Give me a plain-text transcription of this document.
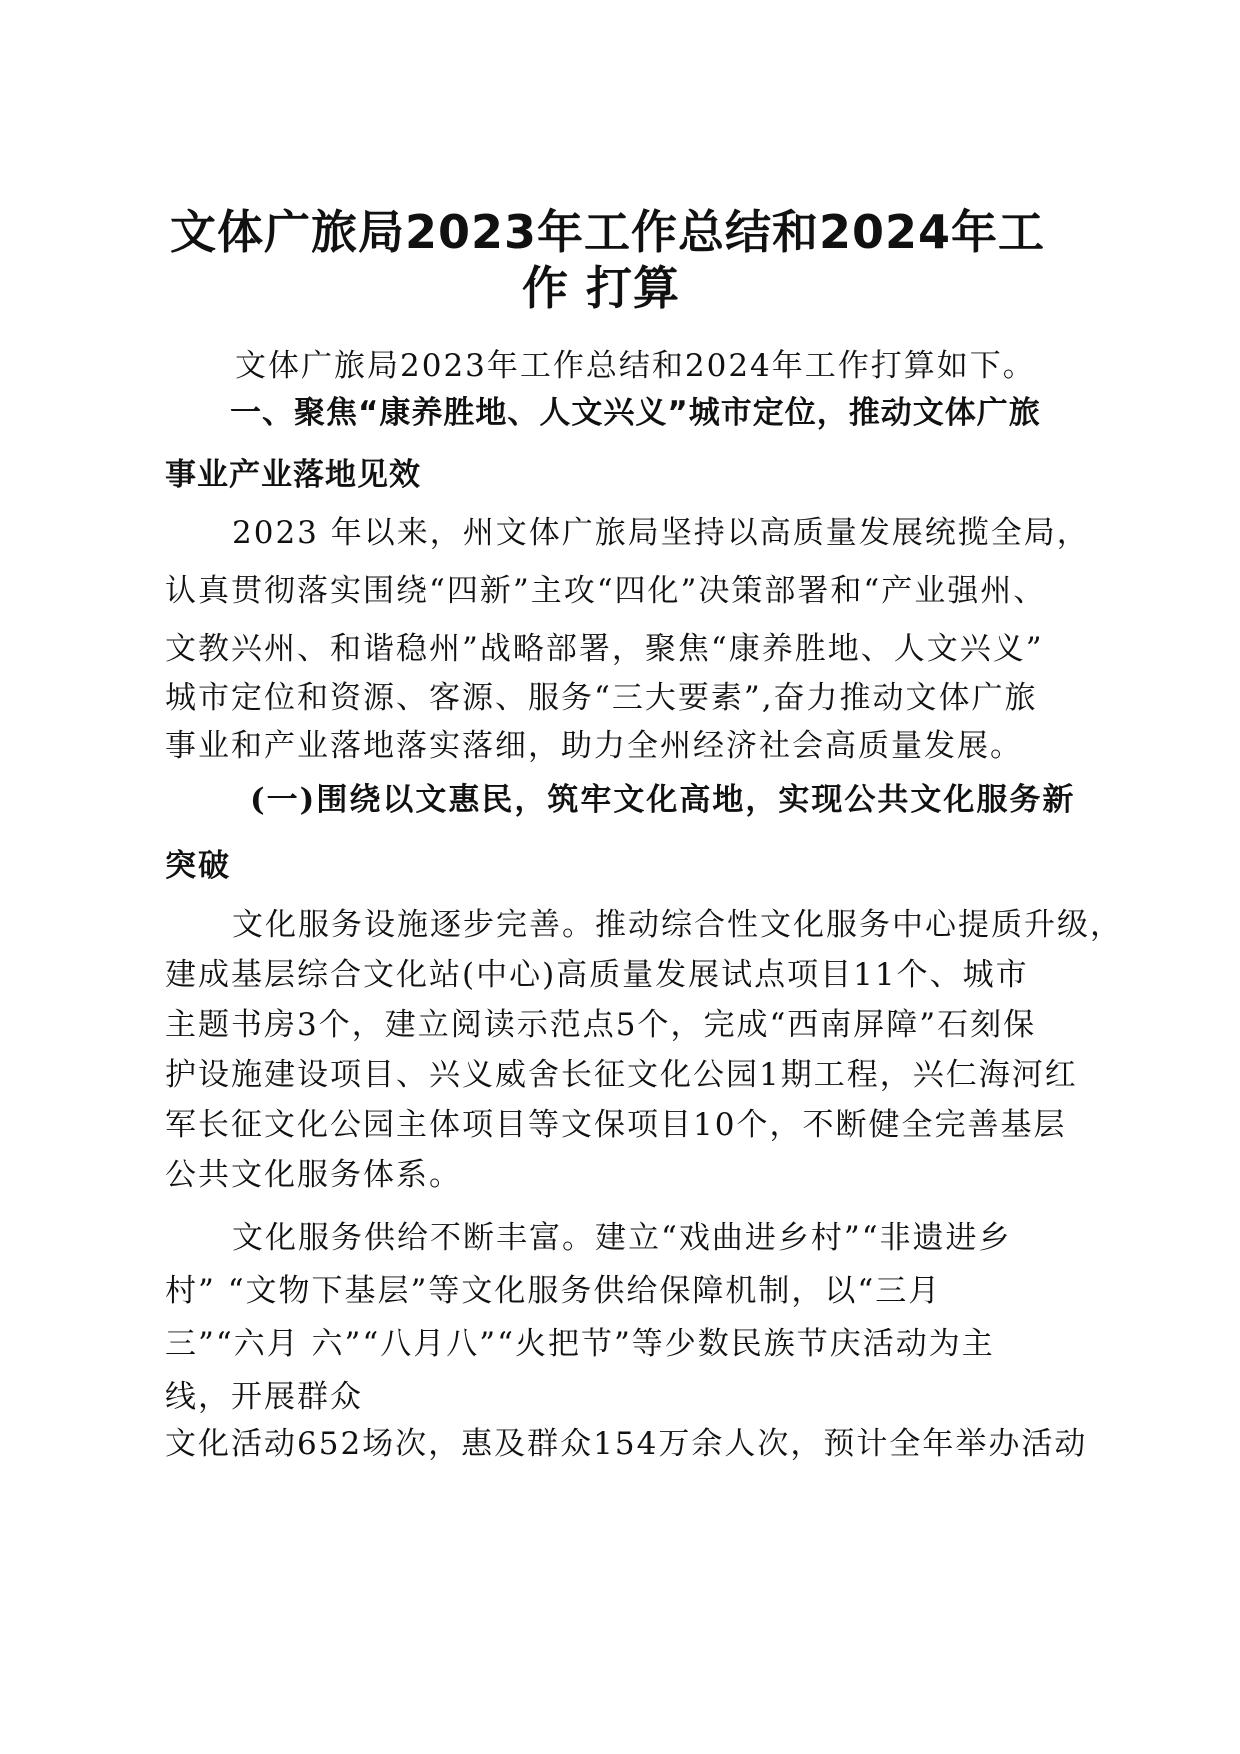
文体广旅局2023年工作总结和2024年工

作 打算

文体广旅局2023年工作总结和2024年工作打算如下。

一、聚焦“康养胜地、人文兴义”城市定位，推动文体广旅

事业产业落地见效

2023 年以来，州文体广旅局坚持以高质量发展统揽全局，

认真贯彻落实围绕“四新”主攻“四化”决策部署和“产业强州、

文教兴州、和谐稳州”战略部署，聚焦“康养胜地、人文兴义”

城市定位和资源、客源、服务“三大要素”,奋力推动文体广旅

事业和产业落地落实落细，助力全州经济社会高质量发展。

(一)围绕以文惠民，筑牢文化高地，实现公共文化服务新

突破

文化服务设施逐步完善。推动综合性文化服务中心提质升级，

建成基层综合文化站(中心)高质量发展试点项目11个、城市

主题书房3个，建立阅读示范点5个，完成“西南屏障”石刻保

护设施建设项目、兴义威舍长征文化公园1期工程，兴仁海河红

军长征文化公园主体项目等文保项目10个，不断健全完善基层

公共文化服务体系。

文化服务供给不断丰富。建立“戏曲进乡村”“非遗进乡

村” “文物下基层”等文化服务供给保障机制，以“三月

三”“六月 六”“八月八”“火把节”等少数民族节庆活动为主

线，开展群众

文化活动652场次，惠及群众154万余人次，预计全年举办活动
